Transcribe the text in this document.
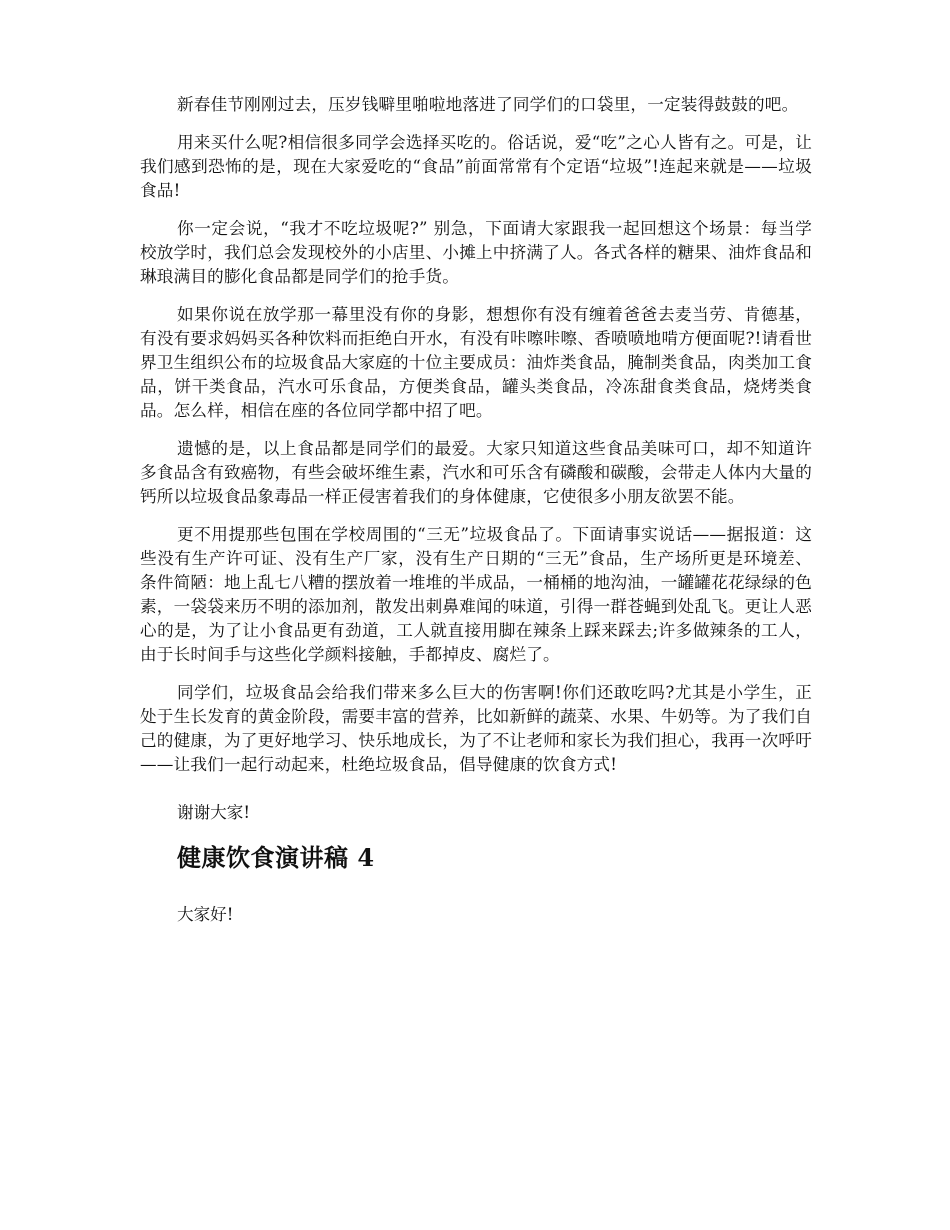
新春佳节刚刚过去，压岁钱噼里啪啦地落进了同学们的口袋里，一定装得鼓鼓的吧。

用来买什么呢?相信很多同学会选择买吃的。俗话说，爱“吃”之心人皆有之。可是，让我们感到恐怖的是，现在大家爱吃的“食品”前面常常有个定语“垃圾”!连起来就是——垃圾食品!

你一定会说，“我才不吃垃圾呢?” 别急，下面请大家跟我一起回想这个场景：每当学校放学时，我们总会发现校外的小店里、小摊上中挤满了人。各式各样的糖果、油炸食品和琳琅满目的膨化食品都是同学们的抢手货。

如果你说在放学那一幕里没有你的身影，想想你有没有缠着爸爸去麦当劳、肯德基，有没有要求妈妈买各种饮料而拒绝白开水，有没有咔嚓咔嚓、香喷喷地啃方便面呢?!请看世界卫生组织公布的垃圾食品大家庭的十位主要成员：油炸类食品，腌制类食品，肉类加工食品，饼干类食品，汽水可乐食品，方便类食品，罐头类食品，冷冻甜食类食品，烧烤类食品。怎么样，相信在座的各位同学都中招了吧。

遗憾的是，以上食品都是同学们的最爱。大家只知道这些食品美味可口，却不知道许多食品含有致癌物，有些会破坏维生素，汽水和可乐含有磷酸和碳酸，会带走人体内大量的钙所以垃圾食品象毒品一样正侵害着我们的身体健康，它使很多小朋友欲罢不能。

更不用提那些包围在学校周围的“三无”垃圾食品了。下面请事实说话——据报道：这些没有生产许可证、没有生产厂家，没有生产日期的“三无”食品，生产场所更是环境差、条件简陋：地上乱七八糟的摆放着一堆堆的半成品，一桶桶的地沟油，一罐罐花花绿绿的色素，一袋袋来历不明的添加剂，散发出刺鼻难闻的味道，引得一群苍蝇到处乱飞。更让人恶心的是，为了让小食品更有劲道，工人就直接用脚在辣条上踩来踩去;许多做辣条的工人，由于长时间手与这些化学颜料接触，手都掉皮、腐烂了。

同学们，垃圾食品会给我们带来多么巨大的伤害啊!你们还敢吃吗?尤其是小学生，正处于生长发育的黄金阶段，需要丰富的营养，比如新鲜的蔬菜、水果、牛奶等。为了我们自己的健康，为了更好地学习、快乐地成长，为了不让老师和家长为我们担心，我再一次呼吁——让我们一起行动起来，杜绝垃圾食品，倡导健康的饮食方式!

谢谢大家!

健康饮食演讲稿 4

大家好!
